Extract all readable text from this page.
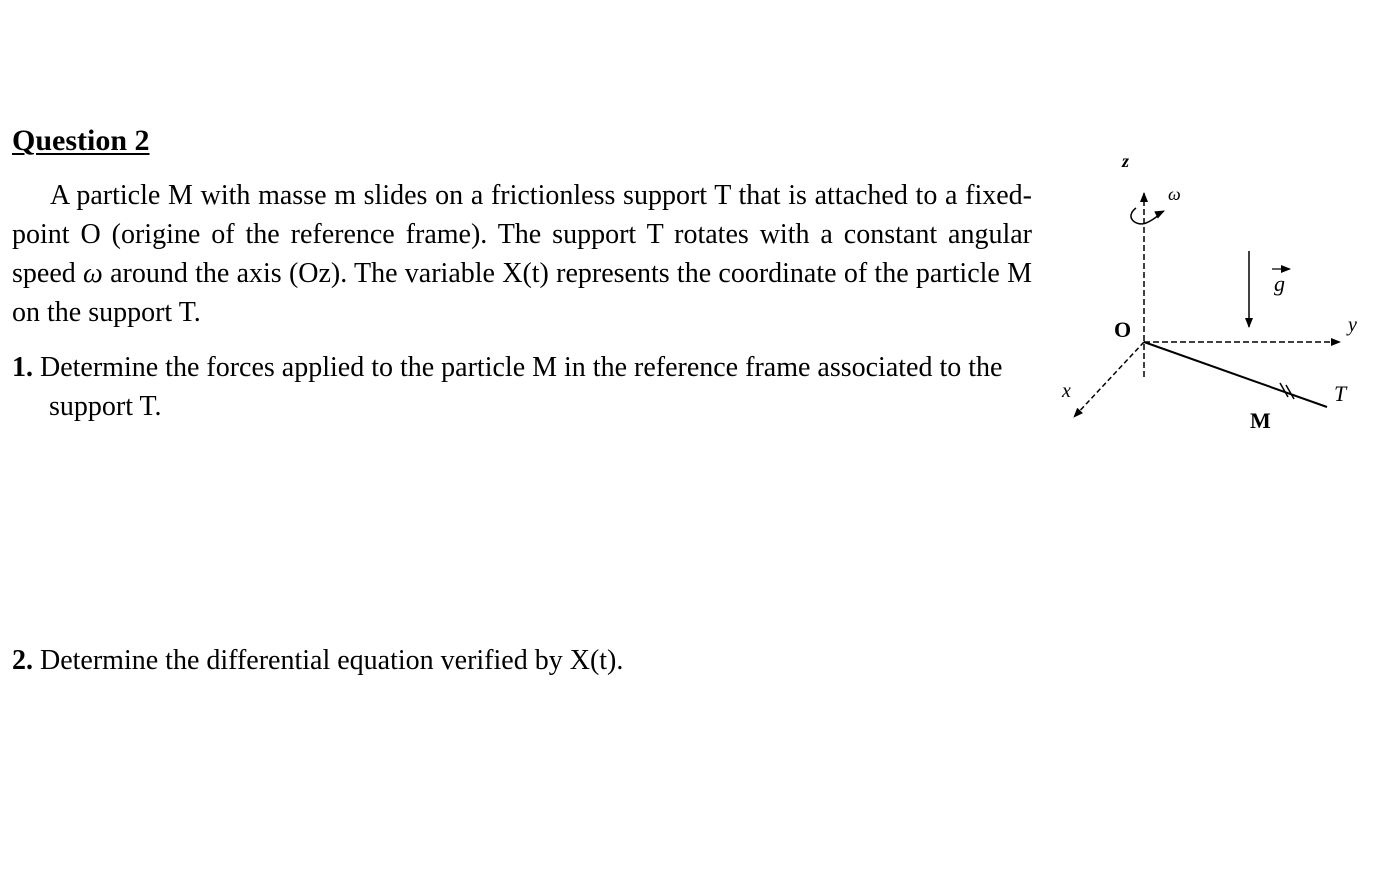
Question 2

A particle M with masse m slides on a frictionless support T that is attached to a fixed-point O (origine of the reference frame). The support T rotates with a constant angular speed ω around the axis (Oz). The variable X(t) represents the coordinate of the particle M on the support T.

1. Determine the forces applied to the particle M in the reference frame associated to the support T.

2. Determine the differential equation verified by X(t).

z
ω
g
O	y
x	T
M
